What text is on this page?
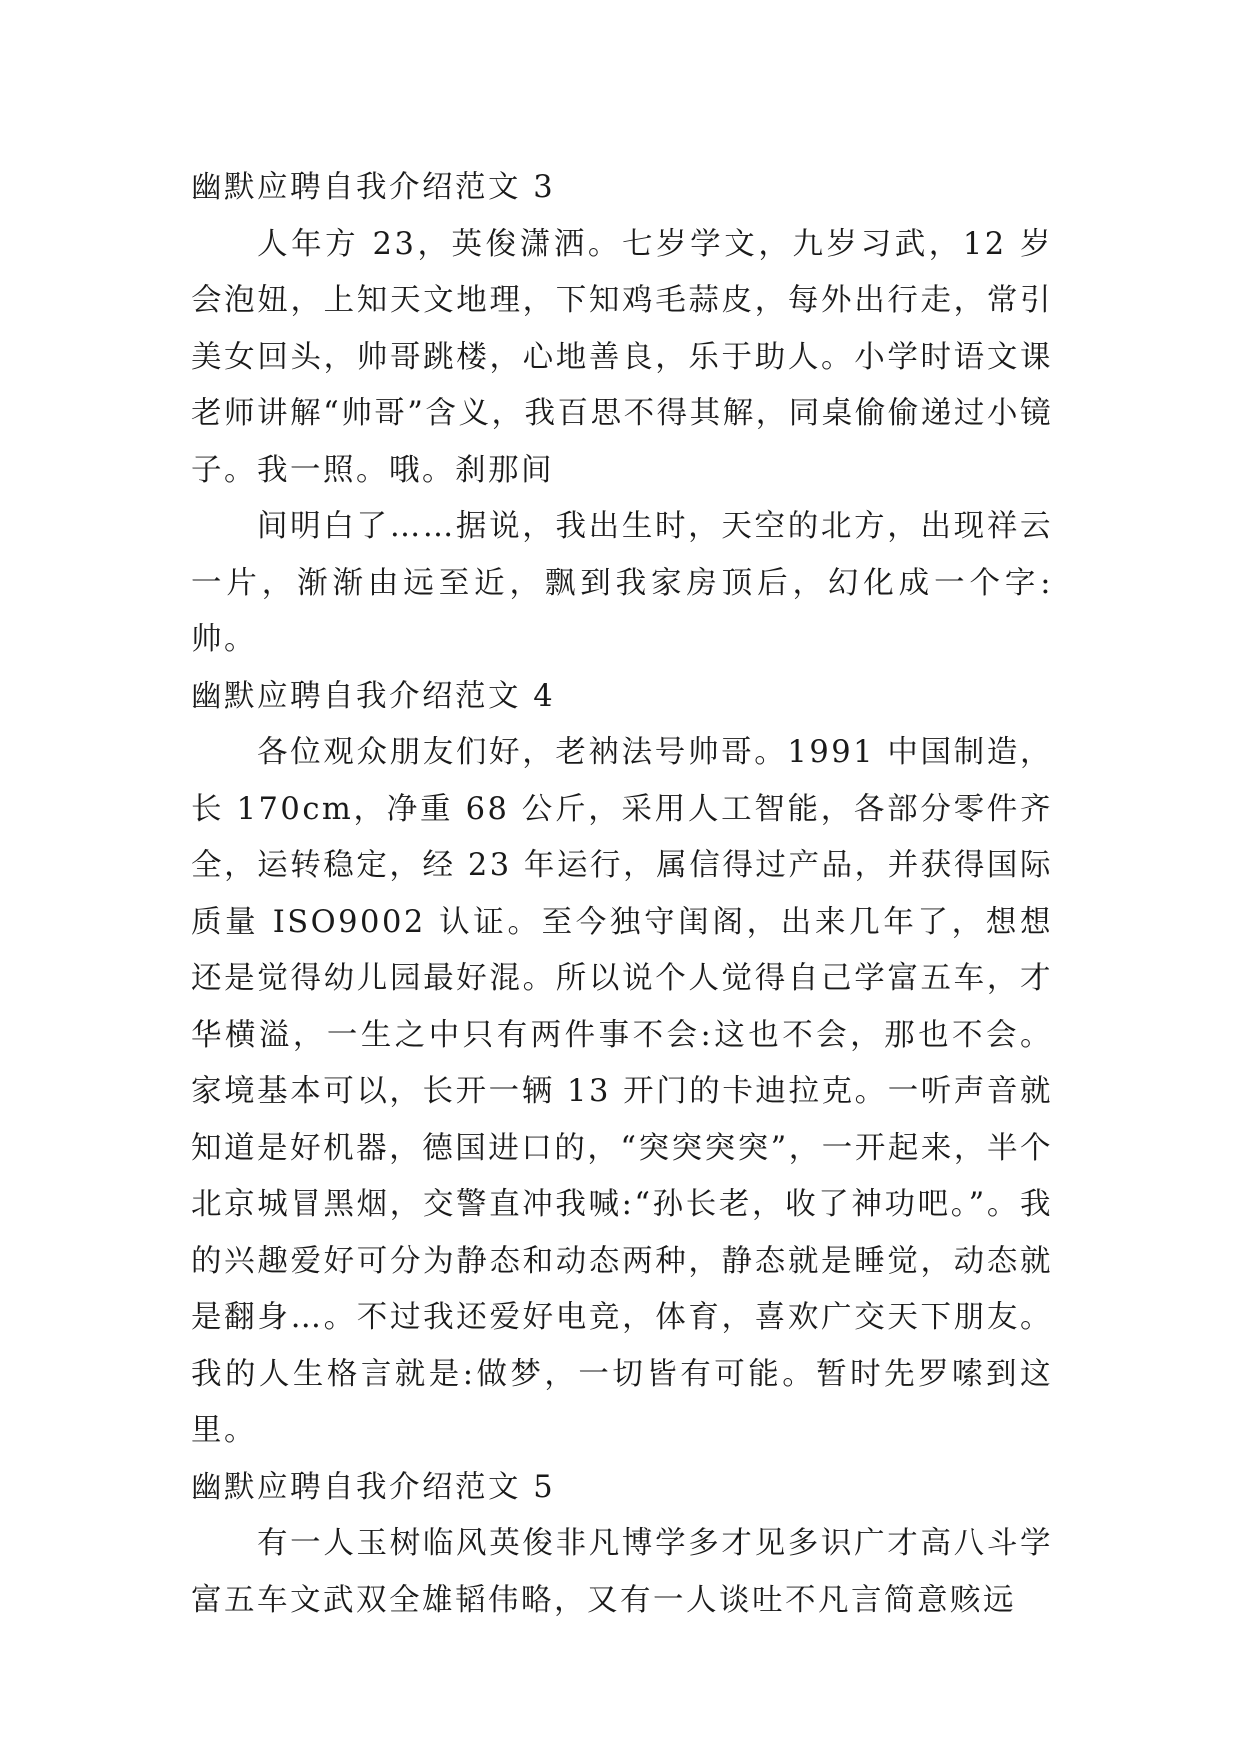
幽默应聘自我介绍范文 3

人年方 23，英俊潇洒。七岁学文，九岁习武，12 岁会泡妞，上知天文地理，下知鸡毛蒜皮，每外出行走，常引美女回头，帅哥跳楼，心地善良，乐于助人。小学时语文课老师讲解“帅哥”含义，我百思不得其解，同桌偷偷递过小镜子。我一照。哦。刹那间

间明白了……据说，我出生时，天空的北方，出现祥云一片，渐渐由远至近，飘到我家房顶后，幻化成一个字:帅。

幽默应聘自我介绍范文 4

各位观众朋友们好，老衲法号帅哥。1991 中国制造，长 170cm，净重 68 公斤，采用人工智能，各部分零件齐全，运转稳定，经 23 年运行，属信得过产品，并获得国际质量 ISO9002 认证。至今独守闺阁，出来几年了，想想还是觉得幼儿园最好混。所以说个人觉得自己学富五车，才华横溢，一生之中只有两件事不会:这也不会，那也不会。家境基本可以，长开一辆 13 开门的卡迪拉克。一听声音就知道是好机器，德国进口的，“突突突突”，一开起来，半个北京城冒黑烟，交警直冲我喊:“孙长老，收了神功吧。”。我的兴趣爱好可分为静态和动态两种，静态就是睡觉，动态就是翻身…。不过我还爱好电竞，体育，喜欢广交天下朋友。我的人生格言就是:做梦，一切皆有可能。暂时先罗嗦到这里。

幽默应聘自我介绍范文 5

有一人玉树临风英俊非凡博学多才见多识广才高八斗学富五车文武双全雄韬伟略，又有一人谈吐不凡言简意赅远
